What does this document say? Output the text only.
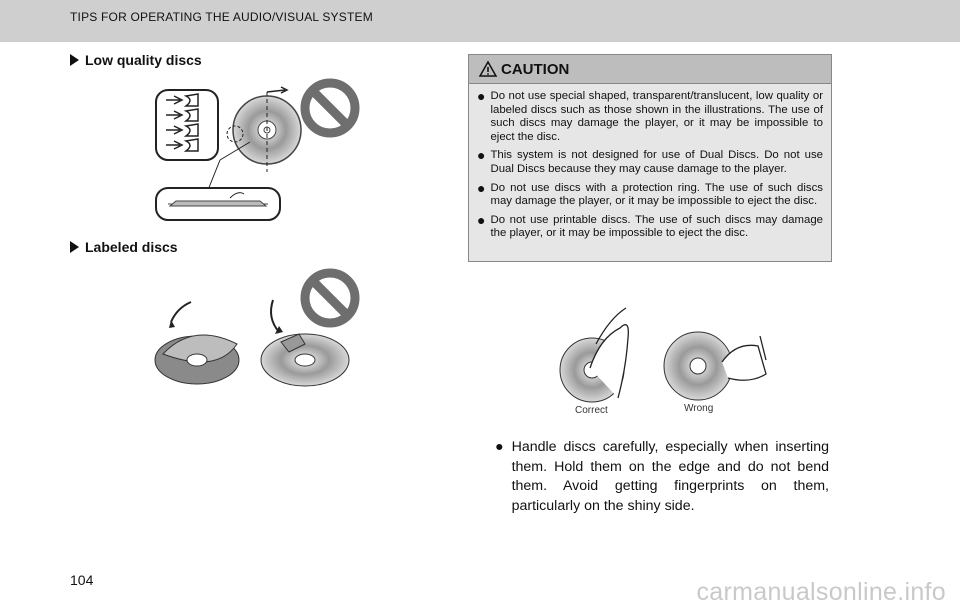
TIPS FOR OPERATING THE AUDIO/VISUAL SYSTEM
Low quality discs
Labeled discs
CAUTION
● Do not use special shaped, transparent/translucent, low quality or labeled discs such as those shown in the illustrations. The use of such discs may damage the player, or it may be impossible to eject the disc.
● This system is not designed for use of Dual Discs. Do not use Dual Discs because they may cause damage to the player.
● Do not use discs with a protection ring. The use of such discs may damage the player, or it may be impossible to eject the disc.
● Do not use printable discs. The use of such discs may damage the player, or it may be impossible to eject the disc.
Correct	Wrong
● Handle discs carefully, especially when inserting them. Hold them on the edge and do not bend them. Avoid getting fingerprints on them, particularly on the shiny side.
104	carmanualsonline.info
